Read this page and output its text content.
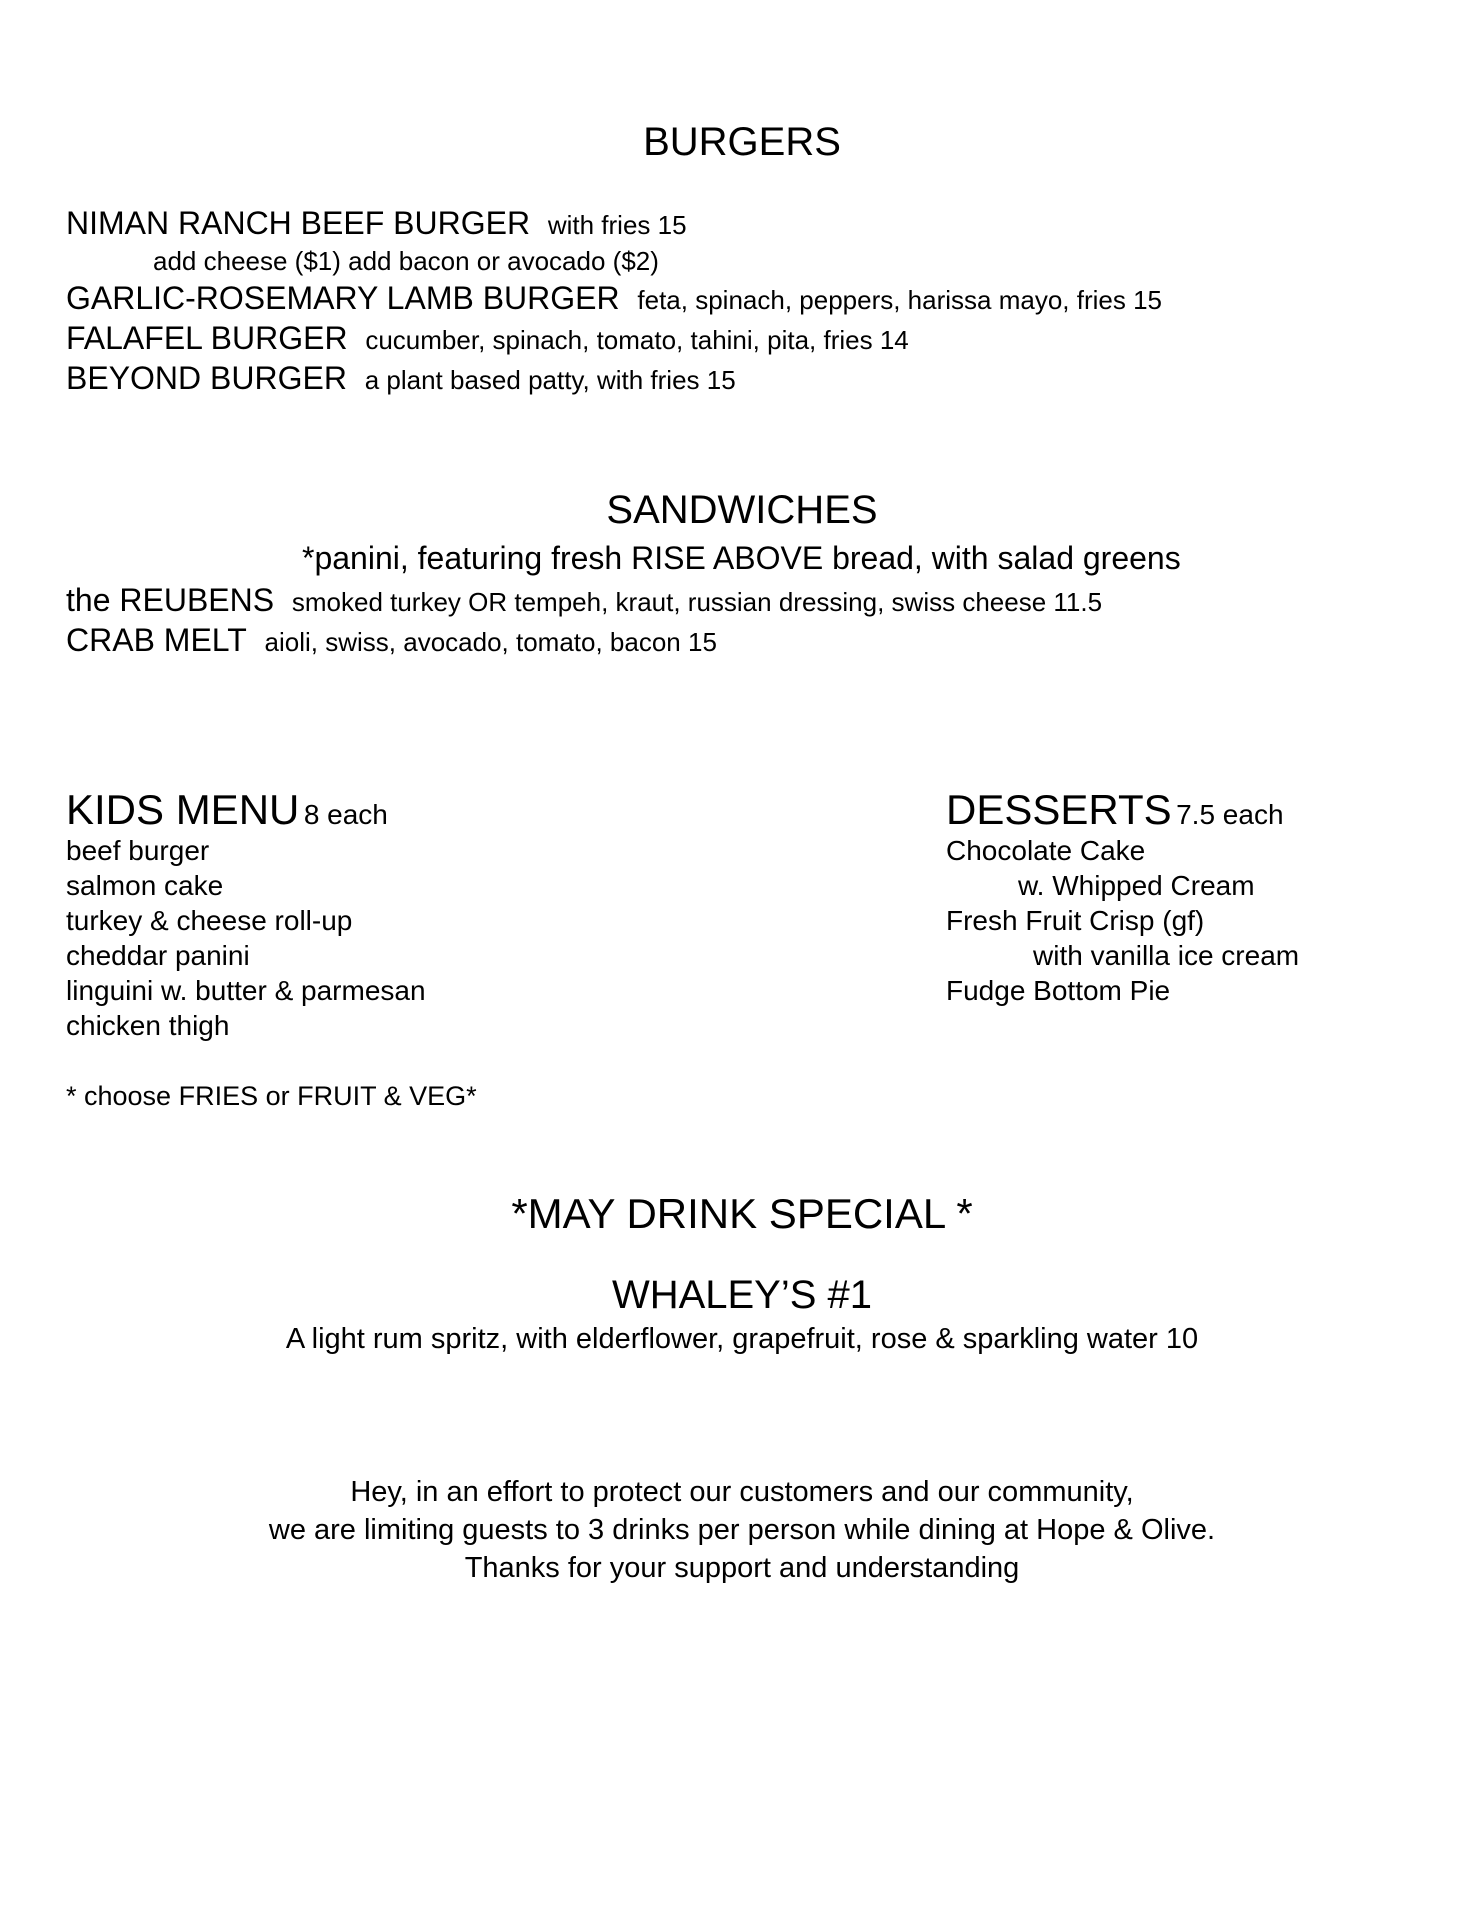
BURGERS
NIMAN RANCH BEEF BURGER with fries 15
add cheese ($1) add bacon or avocado ($2)
GARLIC-ROSEMARY LAMB BURGER feta, spinach, peppers, harissa mayo, fries 15
FALAFEL BURGER cucumber, spinach, tomato, tahini, pita, fries 14
BEYOND BURGER  a plant based patty, with fries 15
SANDWICHES
*panini, featuring fresh RISE ABOVE bread, with salad greens
the REUBENS smoked turkey OR tempeh, kraut, russian dressing, swiss cheese 11.5
CRAB MELT aioli, swiss, avocado, tomato, bacon 15
KIDS MENU 8 each
beef burger
salmon cake
turkey & cheese roll-up
cheddar panini
linguini w. butter & parmesan
chicken thigh
* choose FRIES or FRUIT & VEG*
DESSERTS 7.5 each
Chocolate Cake
w. Whipped Cream
Fresh Fruit Crisp (gf)
with vanilla ice cream
Fudge Bottom Pie
*MAY DRINK SPECIAL *
WHALEY’S #1
A light rum spritz, with elderflower, grapefruit, rose & sparkling water 10
Hey, in an effort to protect our customers and our community,
we are limiting guests to 3 drinks per person while dining at Hope & Olive.
Thanks for your support and understanding
